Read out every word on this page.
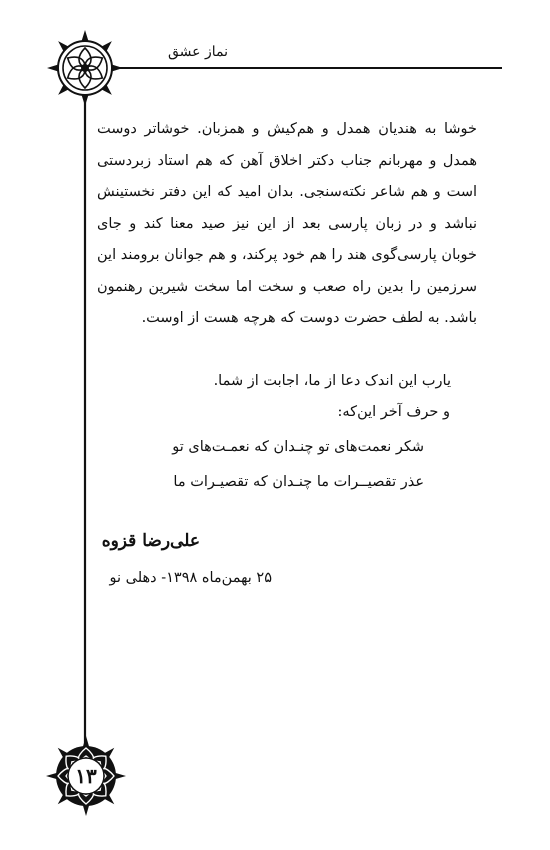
نماز عشق

خوشا به هندیان همدل و هم‌کیش و همزبان. خوشاتر دوست همدل و مهربانم جناب دکتر اخلاق آهن که هم استاد زبردستی است و هم شاعر نکته‌سنجی. بدان امید که این دفتر نخستینش نباشد و در زبان پارسی بعد از این نیز صید معنا کند و جای خوبان پارسی‌گوی هند را هم خود پرکند، و هم جوانان برومند این سرزمین را بدین راه صعب و سخت اما سخت شیرین رهنمون باشد. به لطف حضرت دوست که هرچه هست از اوست.

یارب این اندک دعا از ما، اجابت از شما.
و حرف آخر این‌که:
شکر نعمت‌های تو چنـدان که نعمـت‌های تو
عذر تقصیــرات ما چنـدان که تقصیـرات ما
علی‌رضا قزوه
۲۵ بهمن‌ماه ۱۳۹۸- دهلی نو
۱۳
